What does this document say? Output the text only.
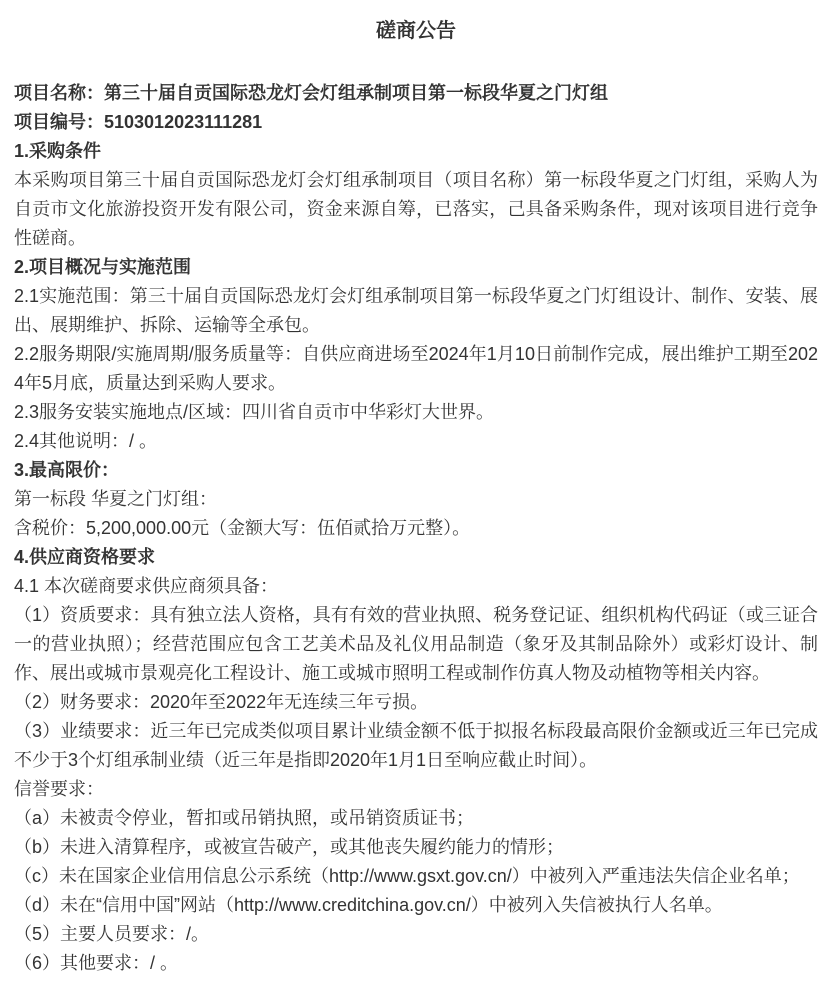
磋商公告

项目名称：第三十届自贡国际恐龙灯会灯组承制项目第一标段华夏之门灯组

项目编号：5103012023111281

1.采购条件

本采购项目第三十届自贡国际恐龙灯会灯组承制项目（项目名称）第一标段华夏之门灯组，采购人为自贡市文化旅游投资开发有限公司，资金来源自筹，已落实，己具备采购条件，现对该项目进行竞争性磋商。

2.项目概况与实施范围

2.1实施范围：第三十届自贡国际恐龙灯会灯组承制项目第一标段华夏之门灯组设计、制作、安装、展出、展期维护、拆除、运输等全承包。

2.2服务期限/实施周期/服务质量等：自供应商进场至2024年1月10日前制作完成，展出维护工期至2024年5月底，质量达到采购人要求。

2.3服务安装实施地点/区域：四川省自贡市中华彩灯大世界。

2.4其他说明：/ 。

3.最高限价：

第一标段 华夏之门灯组：

含税价：5,200,000.00元（金额大写：伍佰贰拾万元整）。

4.供应商资格要求

4.1 本次磋商要求供应商须具备：

（1）资质要求：具有独立法人资格，具有有效的营业执照、税务登记证、组织机构代码证（或三证合一的营业执照）；经营范围应包含工艺美术品及礼仪用品制造（象牙及其制品除外）或彩灯设计、制作、展出或城市景观亮化工程设计、施工或城市照明工程或制作仿真人物及动植物等相关内容。

（2）财务要求：2020年至2022年无连续三年亏损。

（3）业绩要求：近三年已完成类似项目累计业绩金额不低于拟报名标段最高限价金额或近三年已完成不少于3个灯组承制业绩（近三年是指即2020年1月1日至响应截止时间）。

信誉要求：

（a）未被责令停业，暂扣或吊销执照，或吊销资质证书；

（b）未进入清算程序，或被宣告破产，或其他丧失履约能力的情形；

（c）未在国家企业信用信息公示系统（http://www.gsxt.gov.cn/）中被列入严重违法失信企业名单；

（d）未在“信用中国”网站（http://www.creditchina.gov.cn/）中被列入失信被执行人名单。

（5）主要人员要求：/。

（6）其他要求：/ 。
